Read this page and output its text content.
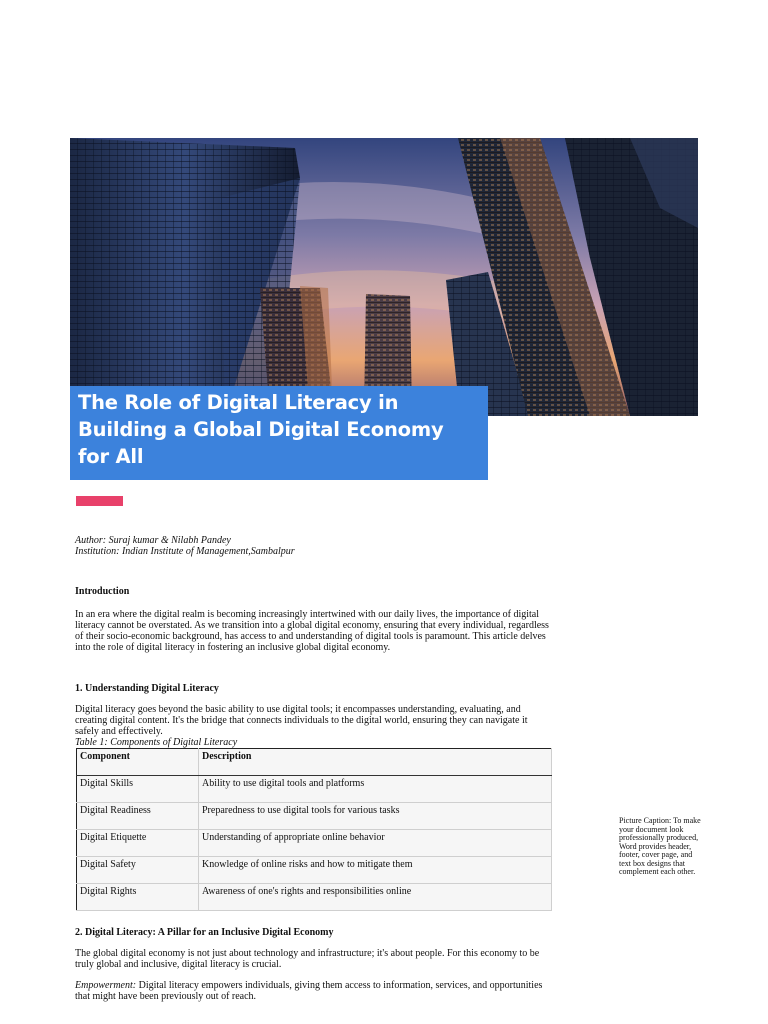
The Role of Digital Literacy in
Building a Global Digital Economy
for All
Author: Suraj kumar & Nilabh Pandey
Institution: Indian Institute of Management,Sambalpur
Introduction

In an era where the digital realm is becoming increasingly intertwined with our daily lives, the importance of digital literacy cannot be overstated. As we transition into a global digital economy, ensuring that every individual, regardless of their socio-economic background, has access to and understanding of digital tools is paramount. This article delves into the role of digital literacy in fostering an inclusive global digital economy.

1. Understanding Digital Literacy

Digital literacy goes beyond the basic ability to use digital tools; it encompasses understanding, evaluating, and creating digital content. It's the bridge that connects individuals to the digital world, ensuring they can navigate it safely and effectively.

Table 1: Components of Digital Literacy

Component	Description
Digital Skills	Ability to use digital tools and platforms
Digital Readiness	Preparedness to use digital tools for various tasks
Digital Etiquette	Understanding of appropriate online behavior
Digital Safety	Knowledge of online risks and how to mitigate them
Digital Rights	Awareness of one's rights and responsibilities online
2. Digital Literacy: A Pillar for an Inclusive Digital Economy

The global digital economy is not just about technology and infrastructure; it's about people. For this economy to be truly global and inclusive, digital literacy is crucial.

Empowerment: Digital literacy empowers individuals, giving them access to information, services, and opportunities that might have been previously out of reach.

Picture Caption: To make your document look professionally produced, Word provides header, footer, cover page, and text box designs that complement each other.
